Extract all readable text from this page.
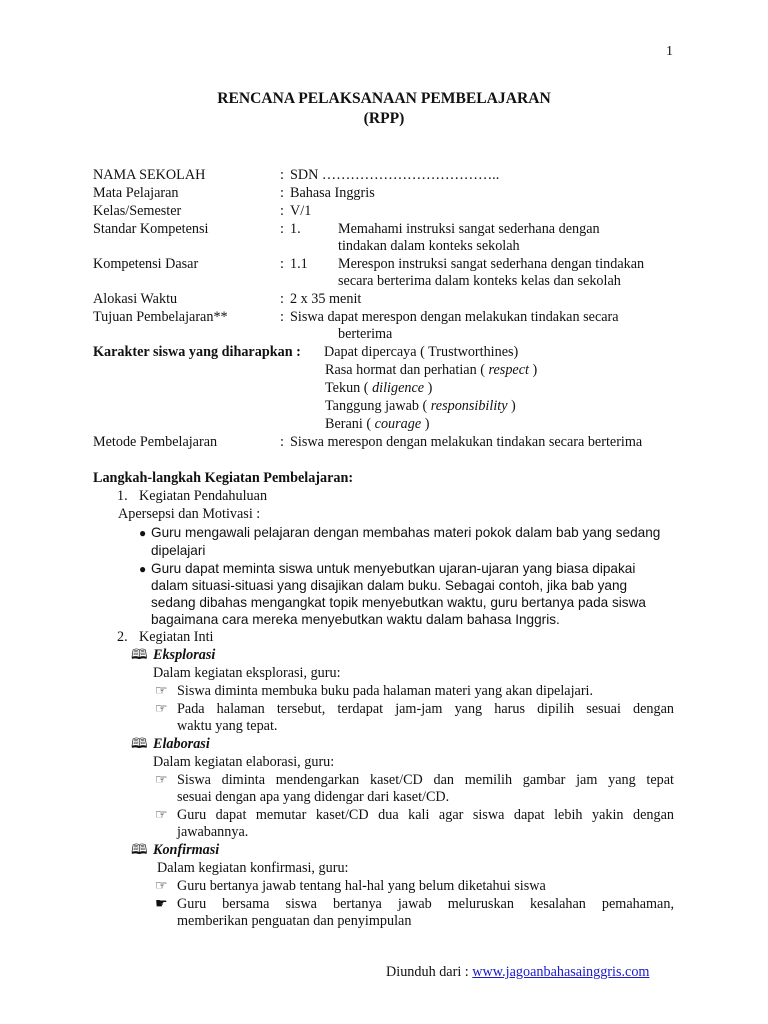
1
RENCANA PELAKSANAAN PEMBELAJARAN
(RPP)
NAMA SEKOLAH	: SDN ………………………………..
Mata Pelajaran	: Bahasa Inggris
Kelas/Semester	: V/1
Standar Kompetensi	: 1.	Memahami instruksi sangat sederhana dengan
tindakan dalam konteks sekolah
Kompetensi Dasar	: 1.1 Merespon instruksi sangat sederhana dengan tindakan
secara berterima dalam konteks kelas dan sekolah
Alokasi Waktu	: 2 x 35 menit
Tujuan Pembelajaran**	: Siswa dapat merespon dengan melakukan tindakan secara
berterima
Karakter siswa yang diharapkan : Dapat dipercaya ( Trustworthines)
Rasa hormat dan perhatian ( respect )
Tekun ( diligence )
Tanggung jawab ( responsibility )
Berani ( courage )
Metode Pembelajaran	: Siswa merespon dengan melakukan tindakan secara berterima
Langkah-langkah Kegiatan Pembelajaran:
1. Kegiatan Pendahuluan
Apersepsi dan Motivasi :
● Guru mengawali pelajaran dengan membahas materi pokok dalam bab yang sedang
dipelajari
● Guru dapat meminta siswa untuk menyebutkan ujaran-ujaran yang biasa dipakai
dalam situasi-situasi yang disajikan dalam buku. Sebagai contoh, jika bab yang
sedang dibahas mengangkat topik menyebutkan waktu, guru bertanya pada siswa
bagaimana cara mereka menyebutkan waktu dalam bahasa Inggris.
2. Kegiatan Inti
🕮 Eksplorasi
Dalam kegiatan eksplorasi, guru:
☞ Siswa diminta membuka buku pada halaman materi yang akan dipelajari.
☞ Pada halaman tersebut, terdapat jam-jam yang harus dipilih sesuai dengan
waktu yang tepat.
🕮 Elaborasi
Dalam kegiatan elaborasi, guru:
☞ Siswa diminta mendengarkan kaset/CD dan memilih gambar jam yang tepat
sesuai dengan apa yang didengar dari kaset/CD.
☞ Guru dapat memutar kaset/CD dua kali agar siswa dapat lebih yakin dengan
jawabannya.
🕮 Konfirmasi
Dalam kegiatan konfirmasi, guru:
☞ Guru bertanya jawab tentang hal-hal yang belum diketahui siswa
☛ Guru bersama siswa bertanya jawab meluruskan kesalahan pemahaman,
memberikan penguatan dan penyimpulan
Diunduh dari : www.jagoanbahasainggris.com
